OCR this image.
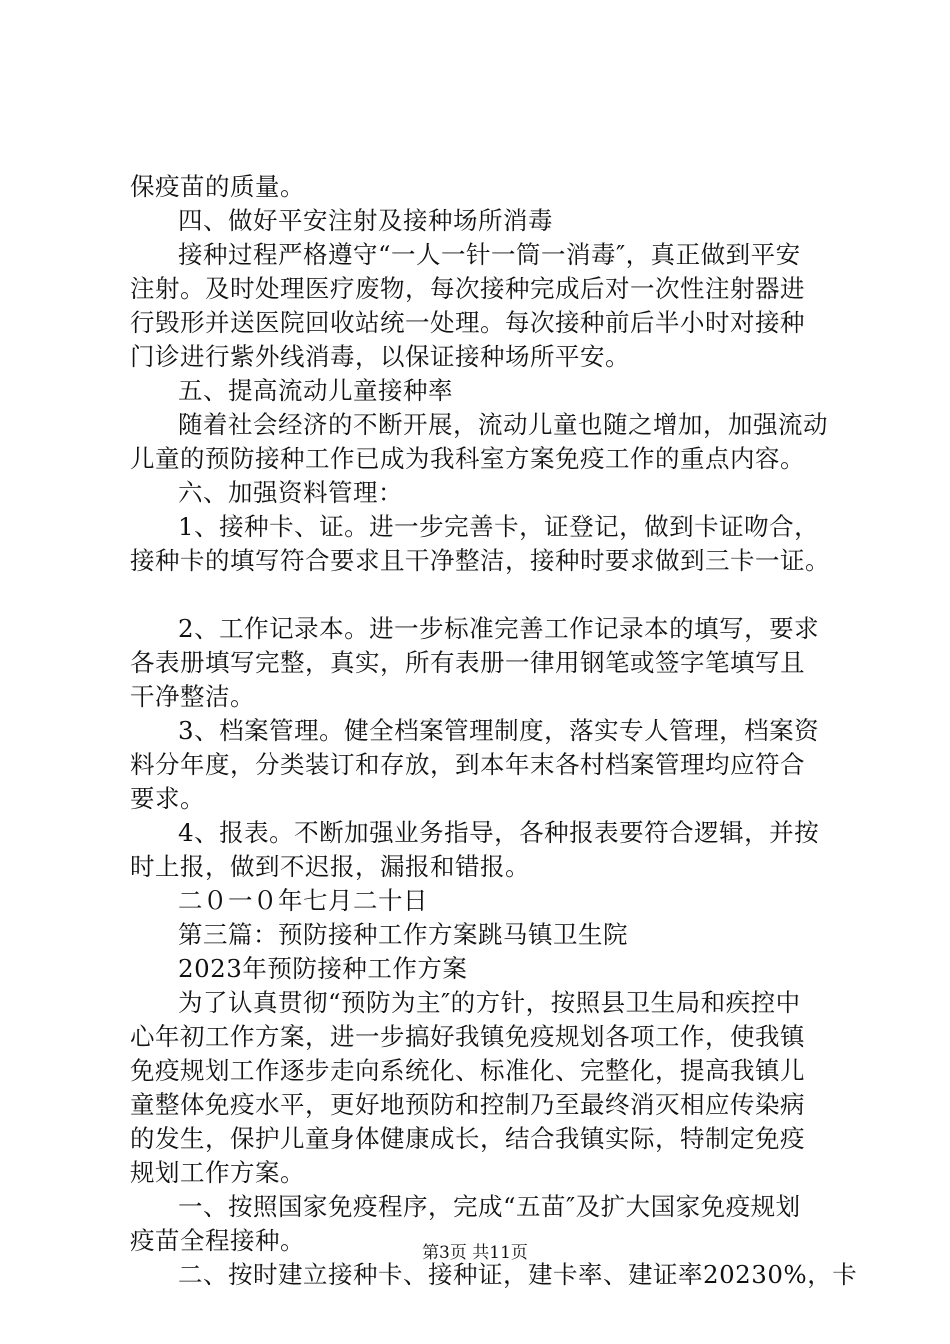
保疫苗的质量。
四、做好平安注射及接种场所消毒
接种过程严格遵守“一人一针一筒一消毒″，真正做到平安
注射。及时处理医疗废物，每次接种完成后对一次性注射器进
行毁形并送医院回收站统一处理。每次接种前后半小时对接种
门诊进行紫外线消毒，以保证接种场所平安。
五、提高流动儿童接种率
随着社会经济的不断开展，流动儿童也随之增加，加强流动
儿童的预防接种工作已成为我科室方案免疫工作的重点内容。
六、加强资料管理：
1、接种卡、证。进一步完善卡，证登记，做到卡证吻合，
接种卡的填写符合要求且干净整洁，接种时要求做到三卡一证。
2、工作记录本。进一步标准完善工作记录本的填写，要求
各表册填写完整，真实，所有表册一律用钢笔或签字笔填写且
干净整洁。
3、档案管理。健全档案管理制度，落实专人管理，档案资
料分年度，分类装订和存放，到本年末各村档案管理均应符合
要求。
4、报表。不断加强业务指导，各种报表要符合逻辑，并按
时上报，做到不迟报，漏报和错报。
二０一０年七月二十日
第三篇：预防接种工作方案跳马镇卫生院
2023年预防接种工作方案
为了认真贯彻“预防为主″的方针，按照县卫生局和疾控中
心年初工作方案，进一步搞好我镇免疫规划各项工作，使我镇
免疫规划工作逐步走向系统化、标准化、完整化，提高我镇儿
童整体免疫水平，更好地预防和控制乃至最终消灭相应传染病
的发生，保护儿童身体健康成长，结合我镇实际，特制定免疫
规划工作方案。
一、按照国家免疫程序，完成“五苗″及扩大国家免疫规划
疫苗全程接种。
二、按时建立接种卡、接种证，建卡率、建证率20230%，卡
第3页 共11页
